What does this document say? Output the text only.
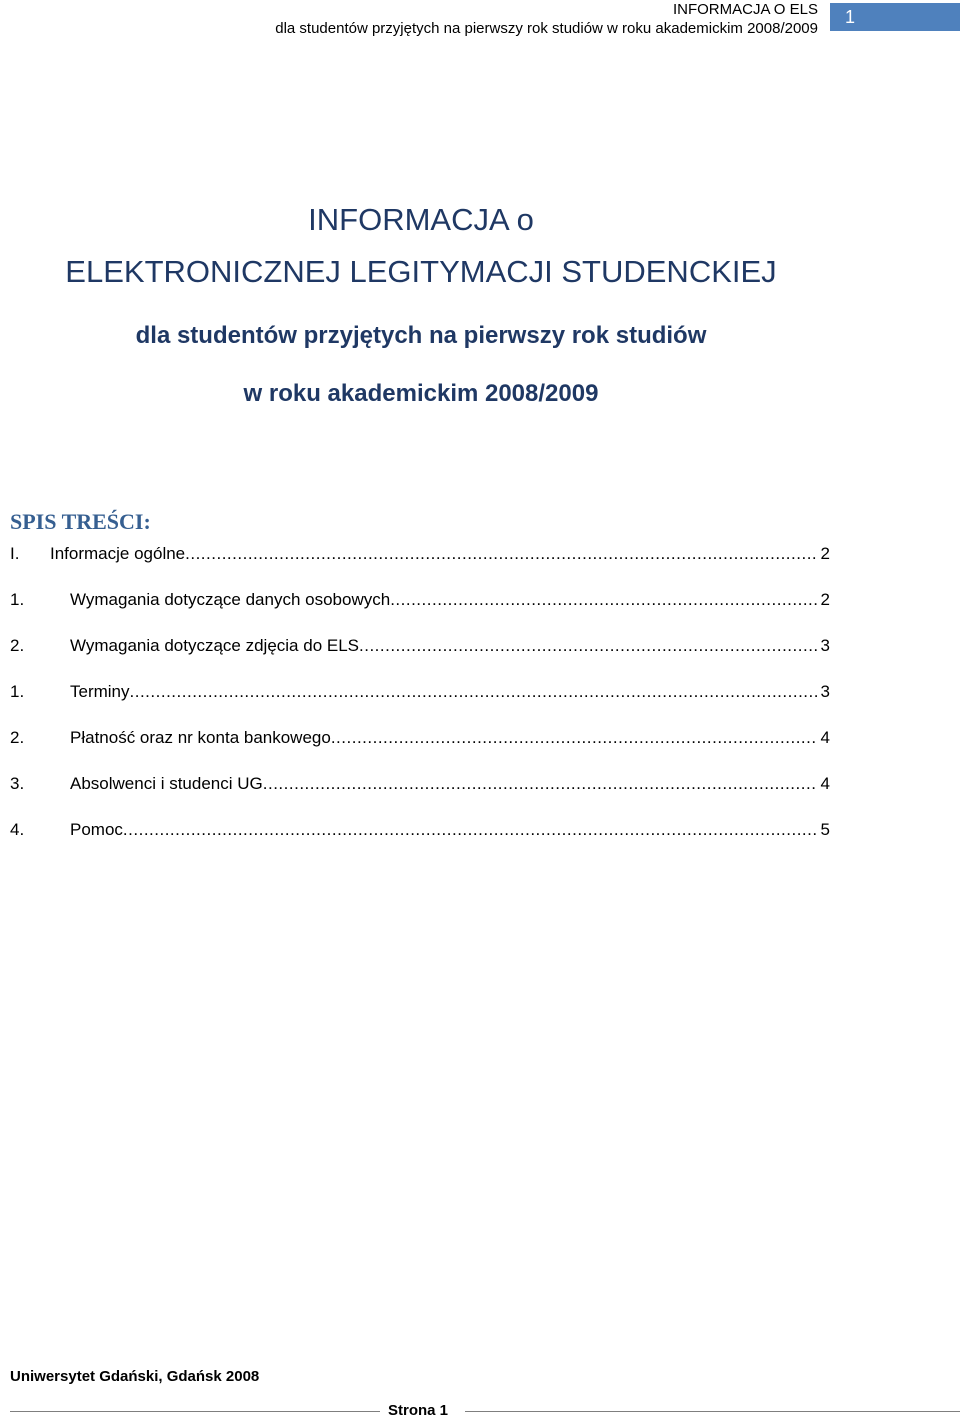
INFORMACJA O ELS
dla studentów przyjętych na pierwszy rok studiów w roku akademickim 2008/2009
1
INFORMACJA o
ELEKTRONICZNEJ LEGITYMACJI STUDENCKIEJ
dla studentów przyjętych na pierwszy rok studiów
w roku akademickim 2008/2009
SPIS TREŚCI:
I.	Informacje ogólne .....	2
1.	Wymagania dotyczące danych osobowych .....	2
2.	Wymagania dotyczące zdjęcia do ELS .....	3
1.	Terminy .....	3
2.	Płatność oraz nr konta bankowego .....	4
3.	Absolwenci i studenci UG .....	4
4.	Pomoc .....	5
Uniwersytet Gdański, Gdańsk 2008
Strona 1
